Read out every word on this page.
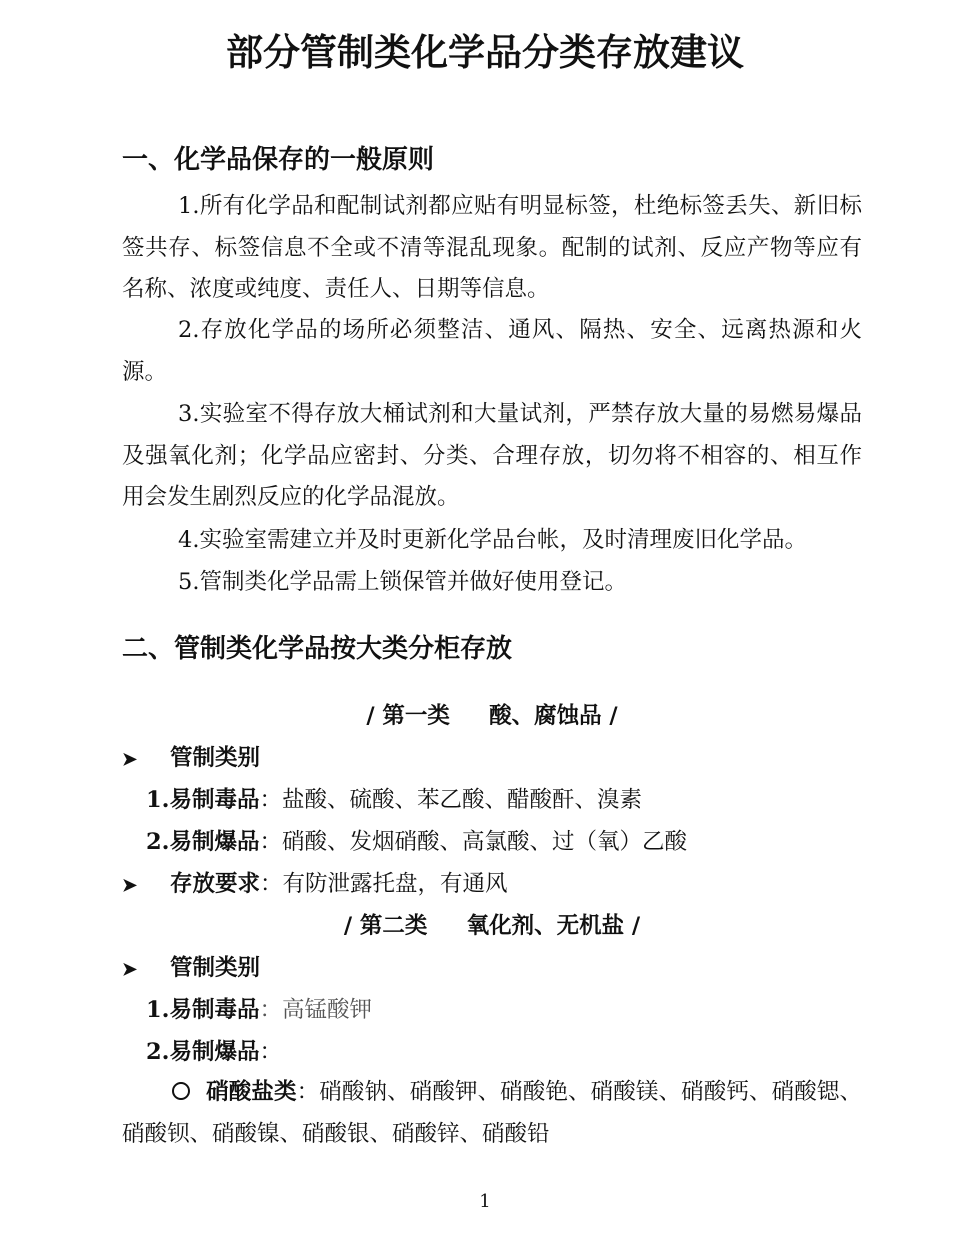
部分管制类化学品分类存放建议
一、化学品保存的一般原则

1.所有化学品和配制试剂都应贴有明显标签，杜绝标签丢失、新旧标签共存、标签信息不全或不清等混乱现象。配制的试剂、反应产物等应有名称、浓度或纯度、责任人、日期等信息。

2.存放化学品的场所必须整洁、通风、隔热、安全、远离热源和火源。

3.实验室不得存放大桶试剂和大量试剂，严禁存放大量的易燃易爆品及强氧化剂；化学品应密封、分类、合理存放，切勿将不相容的、相互作用会发生剧烈反应的化学品混放。

4.实验室需建立并及时更新化学品台帐，及时清理废旧化学品。

5.管制类化学品需上锁保管并做好使用登记。

二、管制类化学品按大类分柜存放
/ 第一类     酸、腐蚀品 /
➤ 管制类别
1.易制毒品：盐酸、硫酸、苯乙酸、醋酸酐、溴素
2.易制爆品：硝酸、发烟硝酸、高氯酸、过（氧）乙酸
➤ 存放要求：有防泄露托盘，有通风
/ 第二类     氧化剂、无机盐 /
➤ 管制类别
1.易制毒品：高锰酸钾
2.易制爆品：

硝酸盐类：硝酸钠、硝酸钾、硝酸铯、硝酸镁、硝酸钙、硝酸锶、硝酸钡、硝酸镍、硝酸银、硝酸锌、硝酸铅

1
